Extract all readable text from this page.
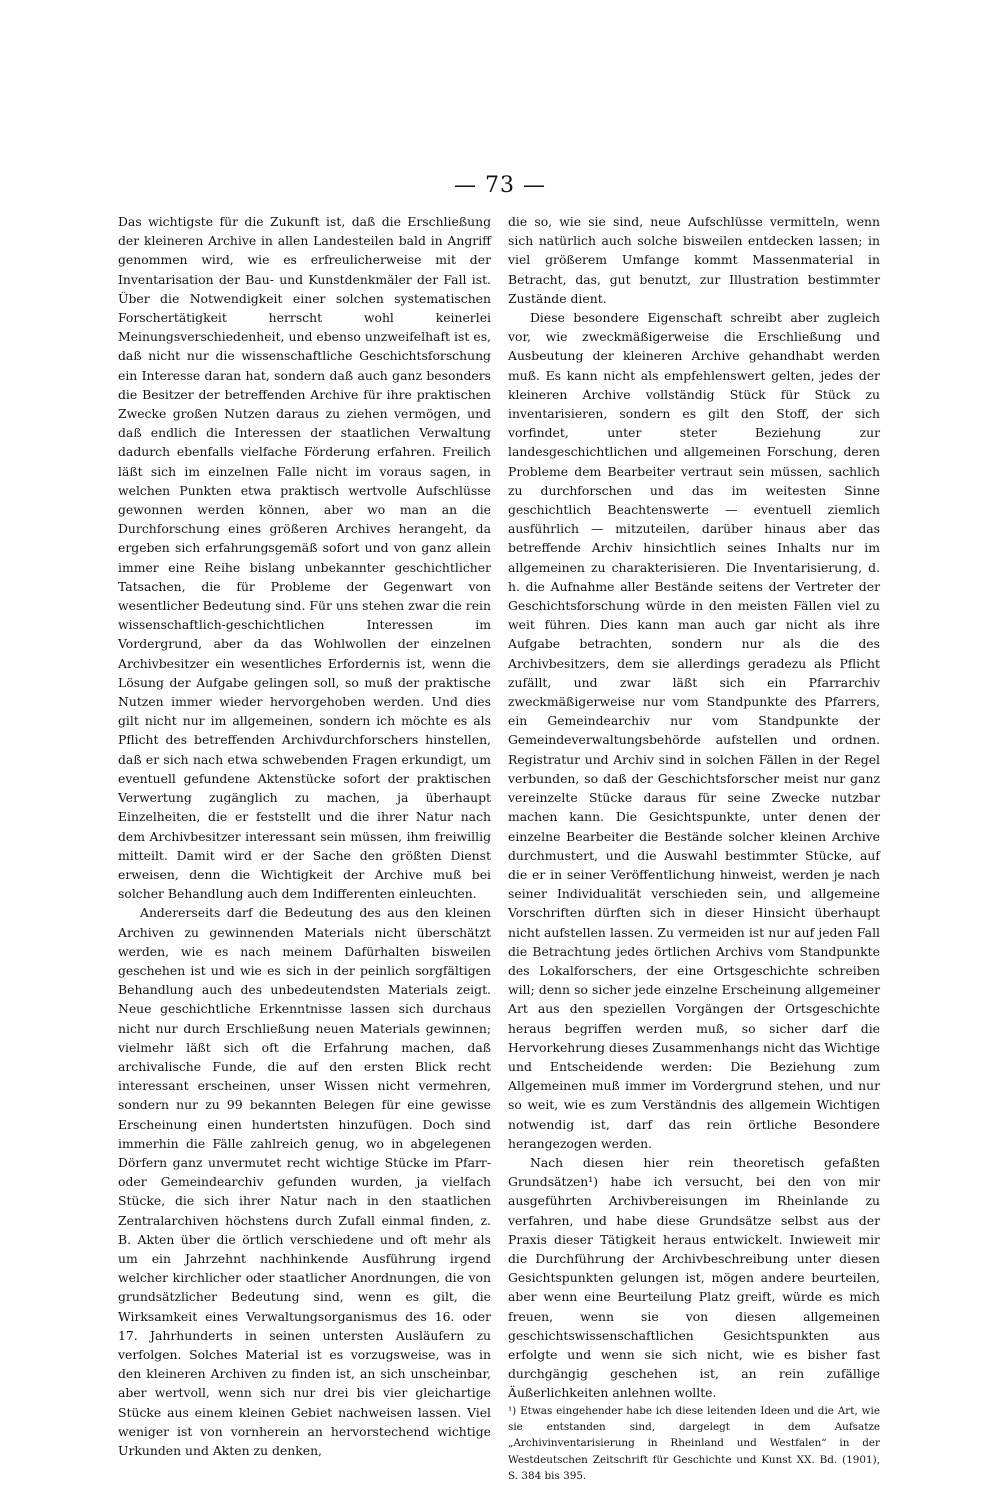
— 73 —

Das wichtigste für die Zukunft ist, daß die Erschließung der kleineren Archive in allen Landesteilen bald in Angriff genommen wird, wie es erfreulicherweise mit der Inventarisation der Bau- und Kunstdenkmäler der Fall ist. Über die Notwendigkeit einer solchen systematischen Forschertätigkeit herrscht wohl keinerlei Meinungsverschiedenheit, und ebenso unzweifelhaft ist es, daß nicht nur die wissenschaftliche Geschichtsforschung ein Interesse daran hat, sondern daß auch ganz besonders die Besitzer der betreffenden Archive für ihre praktischen Zwecke großen Nutzen daraus zu ziehen vermögen, und daß endlich die Interessen der staatlichen Verwaltung dadurch ebenfalls vielfache Förderung erfahren. Freilich läßt sich im einzelnen Falle nicht im voraus sagen, in welchen Punkten etwa praktisch wertvolle Aufschlüsse gewonnen werden können, aber wo man an die Durchforschung eines größeren Archives herangeht, da ergeben sich erfahrungsgemäß sofort und von ganz allein immer eine Reihe bislang unbekannter geschichtlicher Tatsachen, die für Probleme der Gegenwart von wesentlicher Bedeutung sind. Für uns stehen zwar die rein wissenschaftlich-geschichtlichen Interessen im Vordergrund, aber da das Wohlwollen der einzelnen Archivbesitzer ein wesentliches Erfordernis ist, wenn die Lösung der Aufgabe gelingen soll, so muß der praktische Nutzen immer wieder hervorgehoben werden. Und dies gilt nicht nur im allgemeinen, sondern ich möchte es als Pflicht des betreffenden Archivdurchforschers hinstellen, daß er sich nach etwa schwebenden Fragen erkundigt, um eventuell gefundene Aktenstücke sofort der praktischen Verwertung zugänglich zu machen, ja überhaupt Einzelheiten, die er feststellt und die ihrer Natur nach dem Archivbesitzer interessant sein müssen, ihm freiwillig mitteilt. Damit wird er der Sache den größten Dienst erweisen, denn die Wichtigkeit der Archive muß bei solcher Behandlung auch dem Indifferenten einleuchten.

Andererseits darf die Bedeutung des aus den kleinen Archiven zu gewinnenden Materials nicht überschätzt werden, wie es nach meinem Dafürhalten bisweilen geschehen ist und wie es sich in der peinlich sorgfältigen Behandlung auch des unbedeutendsten Materials zeigt. Neue geschichtliche Erkenntnisse lassen sich durchaus nicht nur durch Erschließung neuen Materials gewinnen; vielmehr läßt sich oft die Erfahrung machen, daß archivalische Funde, die auf den ersten Blick recht interessant erscheinen, unser Wissen nicht vermehren, sondern nur zu 99 bekannten Belegen für eine gewisse Erscheinung einen hundertsten hinzufügen. Doch sind immerhin die Fälle zahlreich genug, wo in abgelegenen Dörfern ganz unvermutet recht wichtige Stücke im Pfarr- oder Gemeindearchiv gefunden wurden, ja vielfach Stücke, die sich ihrer Natur nach in den staatlichen Zentralarchiven höchstens durch Zufall einmal finden, z. B. Akten über die örtlich verschiedene und oft mehr als um ein Jahrzehnt nachhinkende Ausführung irgend welcher kirchlicher oder staatlicher Anordnungen, die von grundsätzlicher Bedeutung sind, wenn es gilt, die Wirksamkeit eines Verwaltungsorganismus des 16. oder 17. Jahrhunderts in seinen untersten Ausläufern zu verfolgen. Solches Material ist es vorzugsweise, was in den kleineren Archiven zu finden ist, an sich unscheinbar, aber wertvoll, wenn sich nur drei bis vier gleichartige Stücke aus einem kleinen Gebiet nachweisen lassen. Viel weniger ist von vornherein an hervorstechend wichtige Urkunden und Akten zu denken,

die so, wie sie sind, neue Aufschlüsse vermitteln, wenn sich natürlich auch solche bisweilen entdecken lassen; in viel größerem Umfange kommt Massenmaterial in Betracht, das, gut benutzt, zur Illustration bestimmter Zustände dient.

Diese besondere Eigenschaft schreibt aber zugleich vor, wie zweckmäßigerweise die Erschließung und Ausbeutung der kleineren Archive gehandhabt werden muß. Es kann nicht als empfehlenswert gelten, jedes der kleineren Archive vollständig Stück für Stück zu inventarisieren, sondern es gilt den Stoff, der sich vorfindet, unter steter Beziehung zur landesgeschichtlichen und allgemeinen Forschung, deren Probleme dem Bearbeiter vertraut sein müssen, sachlich zu durchforschen und das im weitesten Sinne geschichtlich Beachtenswerte — eventuell ziemlich ausführlich — mitzuteilen, darüber hinaus aber das betreffende Archiv hinsichtlich seines Inhalts nur im allgemeinen zu charakterisieren. Die Inventarisierung, d. h. die Aufnahme aller Bestände seitens der Vertreter der Geschichtsforschung würde in den meisten Fällen viel zu weit führen. Dies kann man auch gar nicht als ihre Aufgabe betrachten, sondern nur als die des Archivbesitzers, dem sie allerdings geradezu als Pflicht zufällt, und zwar läßt sich ein Pfarrarchiv zweckmäßigerweise nur vom Standpunkte des Pfarrers, ein Gemeindearchiv nur vom Standpunkte der Gemeindeverwaltungsbehörde aufstellen und ordnen. Registratur und Archiv sind in solchen Fällen in der Regel verbunden, so daß der Geschichtsforscher meist nur ganz vereinzelte Stücke daraus für seine Zwecke nutzbar machen kann. Die Gesichtspunkte, unter denen der einzelne Bearbeiter die Bestände solcher kleinen Archive durchmustert, und die Auswahl bestimmter Stücke, auf die er in seiner Veröffentlichung hinweist, werden je nach seiner Individualität verschieden sein, und allgemeine Vorschriften dürften sich in dieser Hinsicht überhaupt nicht aufstellen lassen. Zu vermeiden ist nur auf jeden Fall die Betrachtung jedes örtlichen Archivs vom Standpunkte des Lokalforschers, der eine Ortsgeschichte schreiben will; denn so sicher jede einzelne Erscheinung allgemeiner Art aus den speziellen Vorgängen der Ortsgeschichte heraus begriffen werden muß, so sicher darf die Hervorkehrung dieses Zusammenhangs nicht das Wichtige und Entscheidende werden: Die Beziehung zum Allgemeinen muß immer im Vordergrund stehen, und nur so weit, wie es zum Verständnis des allgemein Wichtigen notwendig ist, darf das rein örtliche Besondere herangezogen werden.

Nach diesen hier rein theoretisch gefaßten Grundsätzen¹) habe ich versucht, bei den von mir ausgeführten Archivbereisungen im Rheinlande zu verfahren, und habe diese Grundsätze selbst aus der Praxis dieser Tätigkeit heraus entwickelt. Inwieweit mir die Durchführung der Archivbeschreibung unter diesen Gesichtspunkten gelungen ist, mögen andere beurteilen, aber wenn eine Beurteilung Platz greift, würde es mich freuen, wenn sie von diesen allgemeinen geschichtswissenschaftlichen Gesichtspunkten aus erfolgte und wenn sie sich nicht, wie es bisher fast durchgängig geschehen ist, an rein zufällige Äußerlichkeiten anlehnen wollte.

¹) Etwas eingehender habe ich diese leitenden Ideen und die Art, wie sie entstanden sind, dargelegt in dem Aufsatze „Archivinventarisierung in Rheinland und Westfalen“ in der Westdeutschen Zeitschrift für Geschichte und Kunst XX. Bd. (1901), S. 384 bis 395.
